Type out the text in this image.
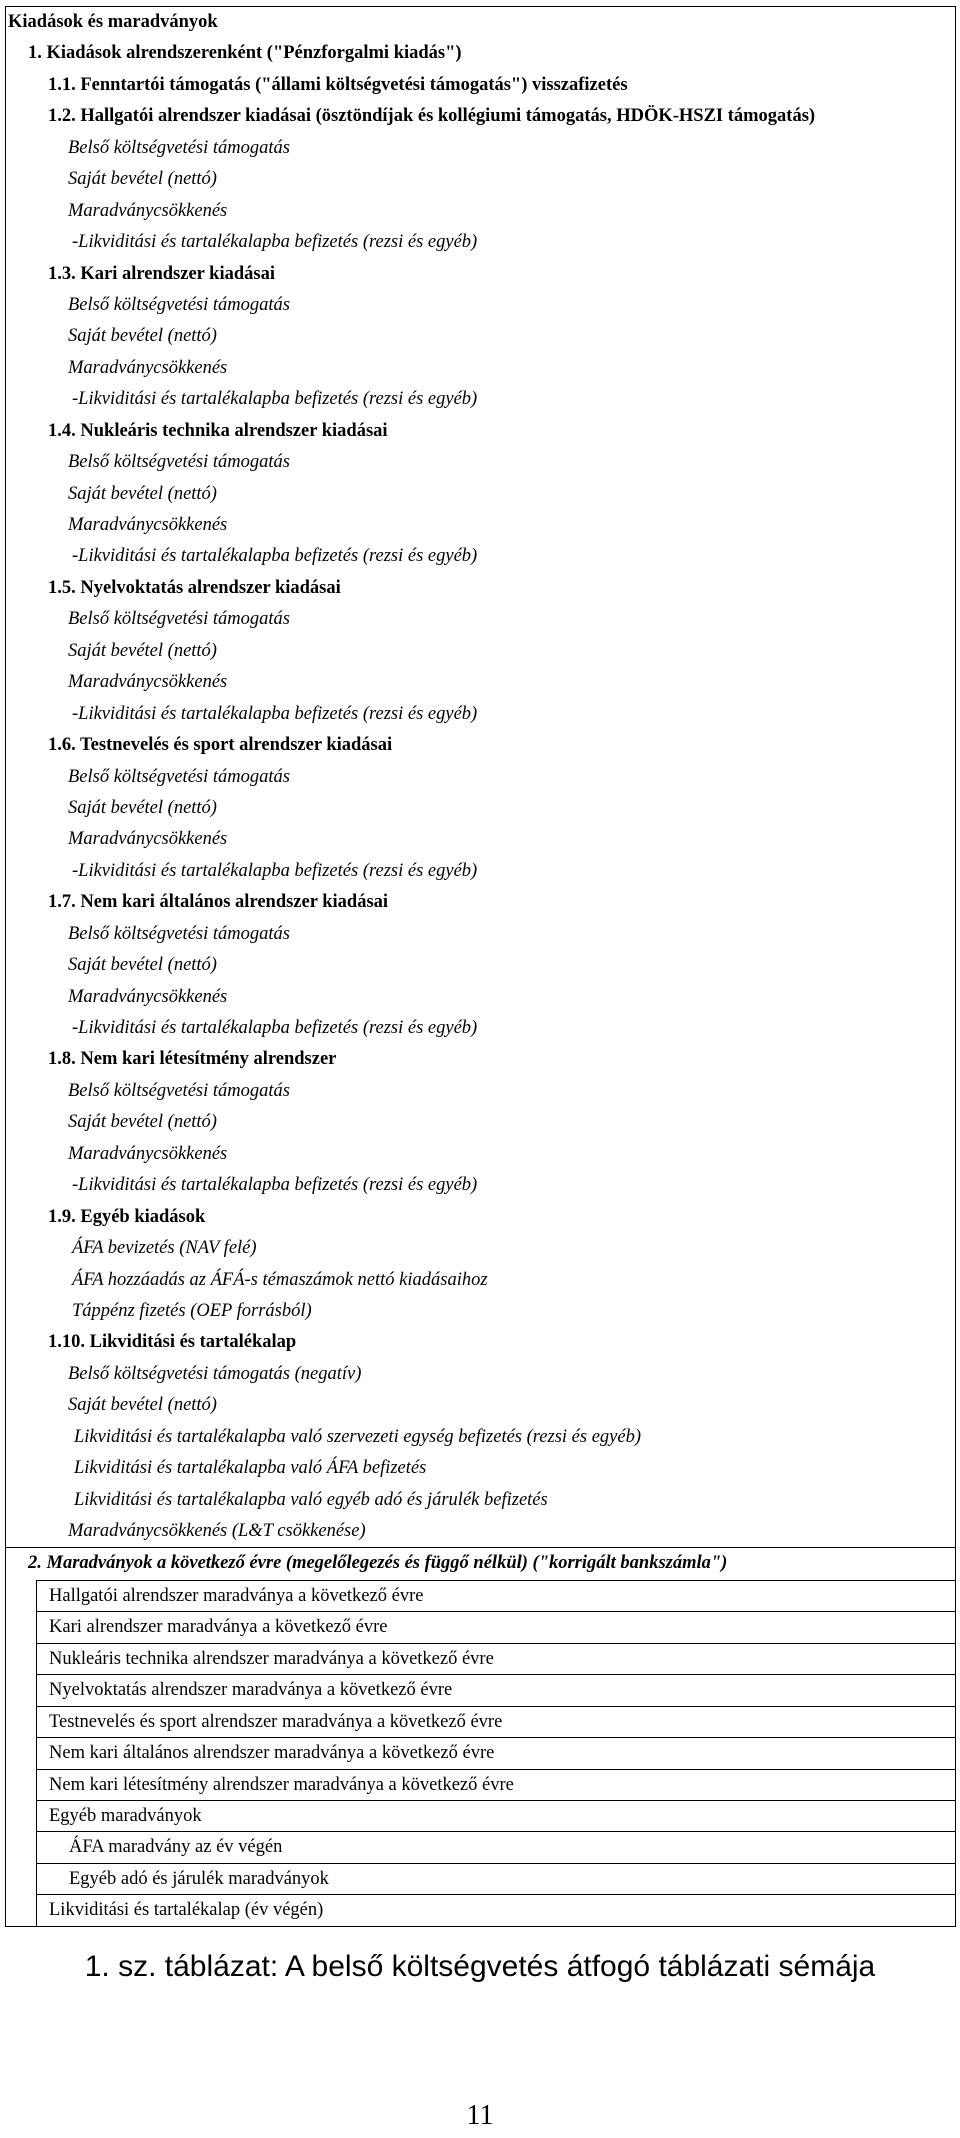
Kiadások és maradványok
1. Kiadások alrendszerenként ("Pénzforgalmi kiadás")
1.1. Fenntartói támogatás ("állami költségvetési támogatás") visszafizetés
1.2. Hallgatói alrendszer kiadásai (ösztöndíjak és kollégiumi támogatás, HDÖK-HSZI támogatás)
Belső költségvetési támogatás
Saját bevétel (nettó)
Maradványcsökkenés
-Likviditási és tartalékalapba befizetés (rezsi és egyéb)
1.3. Kari alrendszer kiadásai
Belső költségvetési támogatás
Saját bevétel (nettó)
Maradványcsökkenés
-Likviditási és tartalékalapba befizetés (rezsi és egyéb)
1.4. Nukleáris technika alrendszer kiadásai
Belső költségvetési támogatás
Saját bevétel (nettó)
Maradványcsökkenés
-Likviditási és tartalékalapba befizetés (rezsi és egyéb)
1.5. Nyelvoktatás alrendszer kiadásai
Belső költségvetési támogatás
Saját bevétel (nettó)
Maradványcsökkenés
-Likviditási és tartalékalapba befizetés (rezsi és egyéb)
1.6. Testnevelés és sport alrendszer kiadásai
Belső költségvetési támogatás
Saját bevétel (nettó)
Maradványcsökkenés
-Likviditási és tartalékalapba befizetés (rezsi és egyéb)
1.7. Nem kari általános alrendszer kiadásai
Belső költségvetési támogatás
Saját bevétel (nettó)
Maradványcsökkenés
-Likviditási és tartalékalapba befizetés (rezsi és egyéb)
1.8. Nem kari létesítmény alrendszer
Belső költségvetési támogatás
Saját bevétel (nettó)
Maradványcsökkenés
-Likviditási és tartalékalapba befizetés (rezsi és egyéb)
1.9. Egyéb kiadások
ÁFA bevizetés (NAV felé)
ÁFA hozzáadás az ÁFÁ-s témaszámok nettó kiadásaihoz
Táppénz fizetés (OEP forrásból)
1.10. Likviditási és tartalékalap
Belső költségvetési támogatás (negatív)
Saját bevétel (nettó)
Likviditási és tartalékalapba való szervezeti egység befizetés (rezsi és egyéb)
Likviditási és tartalékalapba való ÁFA befizetés
Likviditási és tartalékalapba való egyéb adó és járulék befizetés
Maradványcsökkenés (L&T csökkenése)
2. Maradványok a következő évre (megelőlegezés és függő nélkül) ("korrigált bankszámla")
Hallgatói alrendszer maradványa a következő évre
Kari alrendszer maradványa a következő évre
Nukleáris technika alrendszer maradványa a következő évre
Nyelvoktatás alrendszer maradványa a következő évre
Testnevelés és sport alrendszer maradványa a következő évre
Nem kari általános alrendszer maradványa a következő évre
Nem kari létesítmény alrendszer maradványa a következő évre
Egyéb maradványok
ÁFA maradvány az év végén
Egyéb adó és járulék maradványok
Likviditási és tartalékalap (év végén)
1. sz. táblázat: A belső költségvetés átfogó táblázati sémája
11
